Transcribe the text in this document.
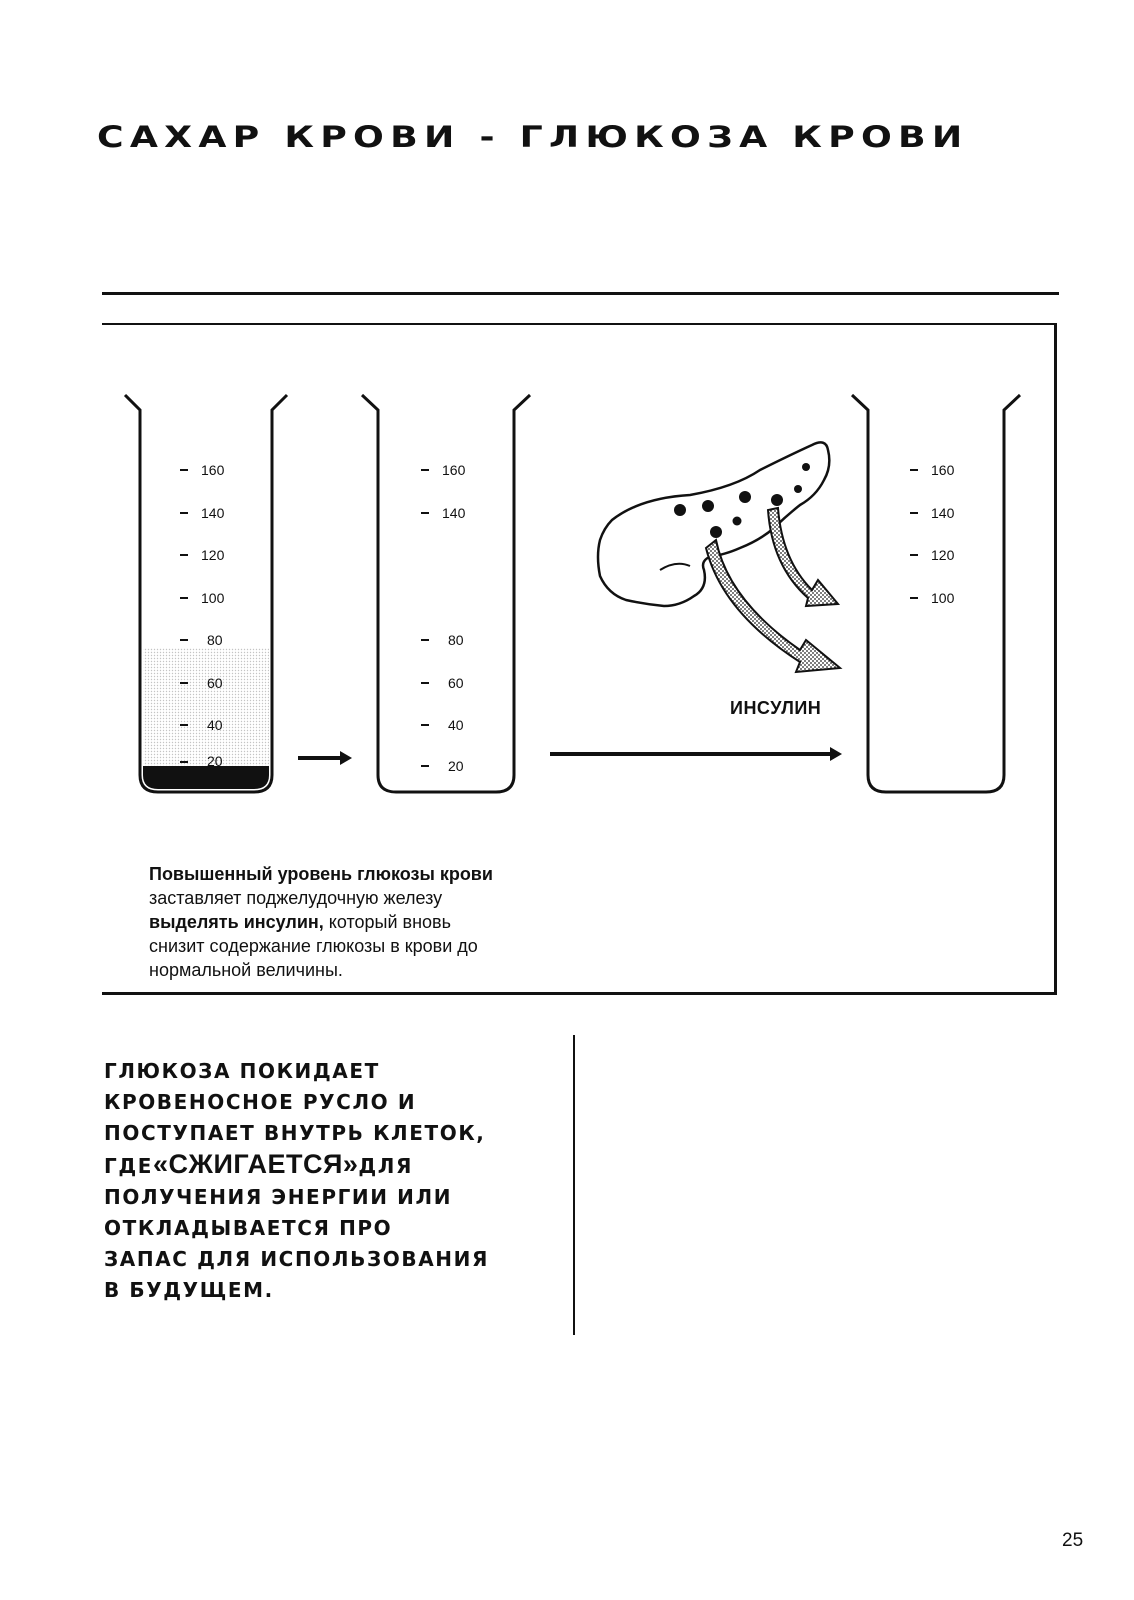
САХАР КРОВИ - ГЛЮКОЗА КРОВИ
160
140
120
100
80
60
40
20
160
140
80
60
40
20
160
140
120
100
ИНСУЛИН
Повышенный уровень глюкозы крови
заставляет поджелудочную железу
выделять инсулин, который вновь
снизит содержание глюкозы в крови до
нормальной величины.
ГЛЮКОЗА ПОКИДАЕТ
КРОВЕНОСНОЕ РУСЛО И
ПОСТУПАЕТ ВНУТРЬ КЛЕТОК,
ГДЕ«СЖИГАЕТСЯ»ДЛЯ
ПОЛУЧЕНИЯ ЭНЕРГИИ ИЛИ
ОТКЛАДЫВАЕТСЯ ПРО
ЗАПАС ДЛЯ ИСПОЛЬЗОВАНИЯ
В БУДУЩЕМ.
25
